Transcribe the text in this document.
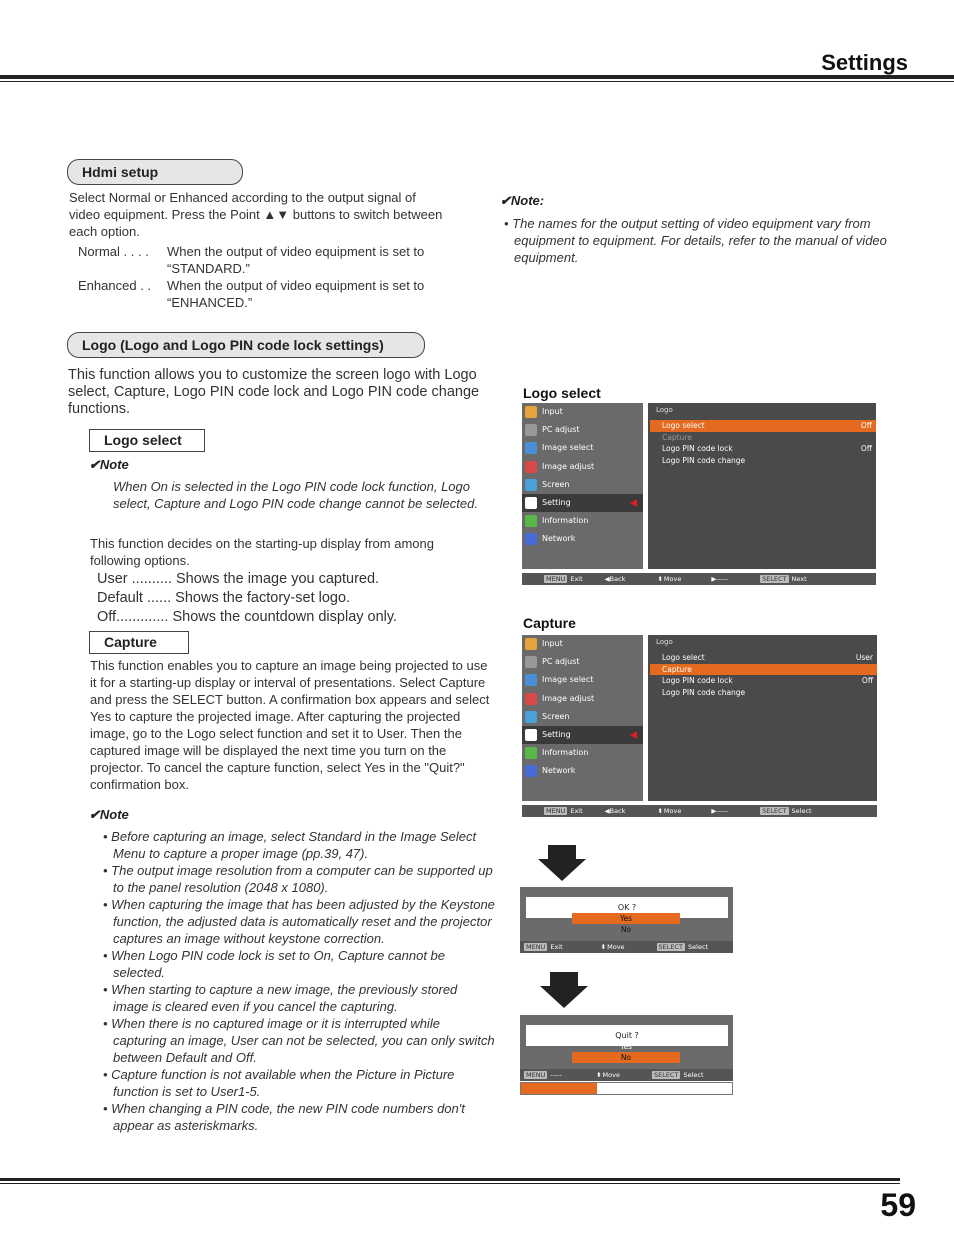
Settings
Hdmi setup
Select Normal or Enhanced according to the output signal of video equipment. Press the Point ▲▼ buttons to switch between each option.
Normal . . . .	When the output of video equipment is set to “STANDARD.”
Enhanced . .	When the output of video equipment is set to “ENHANCED.”
✔Note:
• The names for the output setting of video equipment vary from equipment to equipment. For details, refer to the manual of video equipment.
Logo (Logo and Logo PIN code lock settings)
This function allows you to customize the screen logo with Logo select, Capture, Logo PIN code lock and Logo PIN code change functions.
Logo select
✔Note
When On is selected in the Logo PIN code lock function, Logo select, Capture and Logo PIN code change cannot be selected.
This function decides on the starting-up display from among following options.
User .......... Shows the image you captured.
Default ...... Shows the factory-set logo.
Off............. Shows the countdown display only.
Capture
This function enables you to capture an image being projected to use it for a starting-up display or interval of presentations. Select Capture and press the SELECT button. A confirmation box appears and select Yes to capture the projected image. After capturing the projected image, go to the Logo select function and set it to User. Then the captured image will be displayed the next time you turn on the projector. To cancel the capture function, select Yes in the "Quit?" confirmation box.
✔Note
• Before capturing an image, select Standard in the Image Select Menu to capture a proper image (pp.39, 47).
• The output image resolution from a computer can be supported up to the panel resolution (2048 x 1080).
• When capturing the image that has been adjusted by the Keystone function, the adjusted data is automatically reset and the projector captures an image without keystone correction.
• When Logo PIN code lock is set to On, Capture cannot be selected.
• When starting to capture a new image, the previously stored image is cleared even if you cancel the capturing.
• When there is no captured image or it is interrupted while capturing an image, User can not be selected, you can only switch between Default and Off.
• Capture function is not available when the Picture in Picture function is set to User1-5.
• When changing a PIN code, the new PIN code numbers don't appear as asteriskmarks.
Logo select
Input
PC adjust
Image select
Image adjust
Screen
Setting
Information
Network
Logo
Logo select	Off
Capture
Logo PIN code lock	Off
Logo PIN code change
MENU Exit	◀Back	⬍Move	▶-----	SELECT Next
Capture
Input
PC adjust
Image select
Image adjust
Screen
Setting
Information
Network
Logo
Logo select	User
Capture
Logo PIN code lock	Off
Logo PIN code change
MENU Exit	◀Back	⬍Move	▶-----	SELECT Select
OK ?
Yes
No
MENU Exit	⬍Move	SELECT Select
Quit ?
Yes
No
MENU -----	⬍Move	SELECT Select
59
